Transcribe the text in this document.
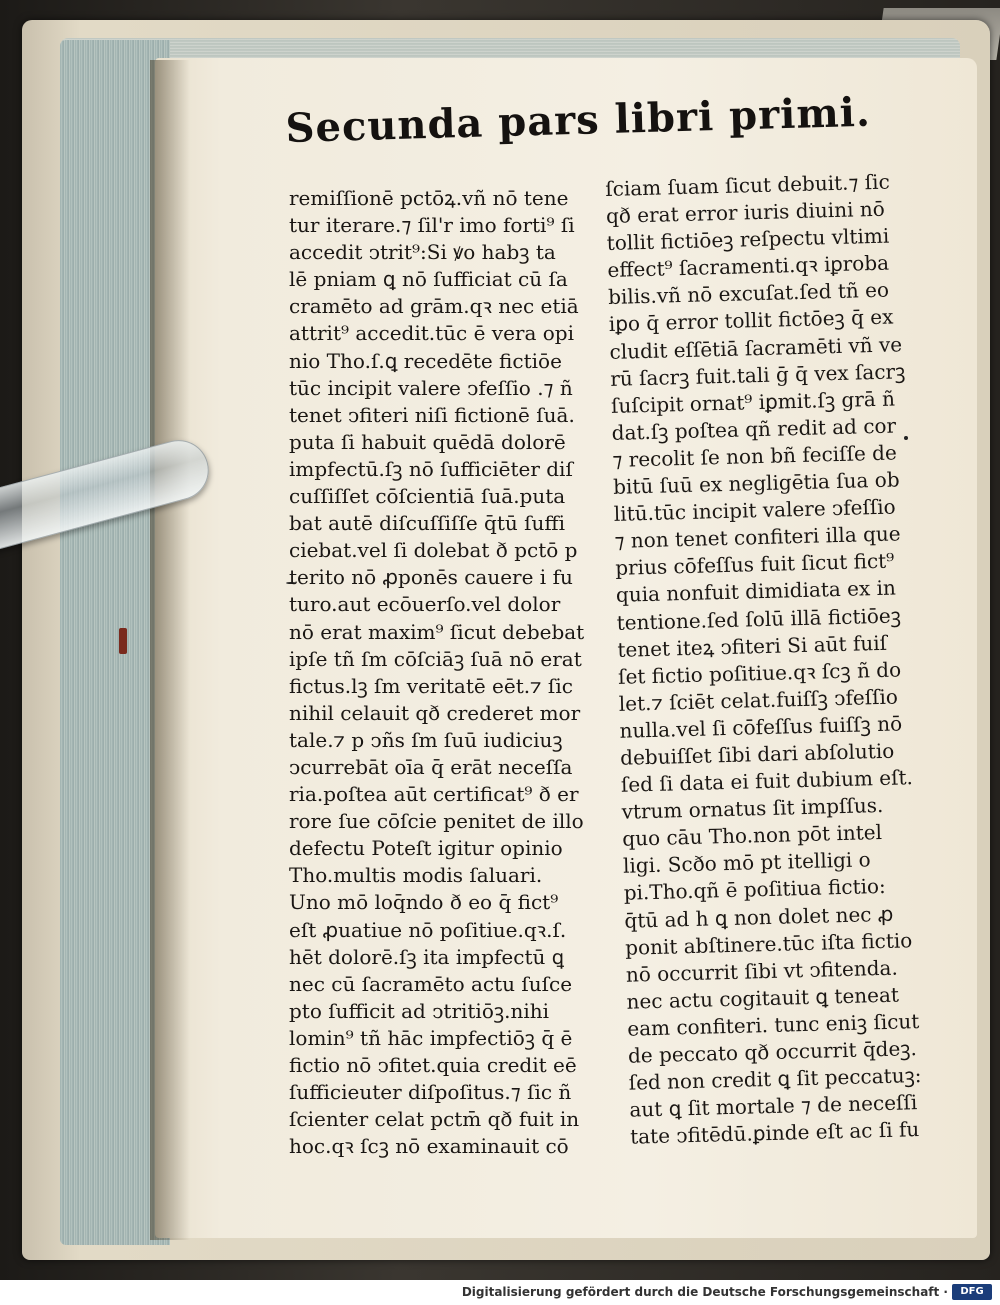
Secunda pars libri primi.
remiſſionē pctōꝝ.vñ nō tene
tur iterare.⁊ ſil'r imo forti⁹ ſi
accedit ↄtrit⁹:Si ꝟo habꝫ ta
lē pniam ꝗ nō ſufficiat cū ſa
cramēto ad grām.qꝛ nec etiā
attrit⁹ accedit.tūc ē vera opi
nio Tho.ſ.ꝗ recedēte fictiōe
tūc incipit valere ↄfeſſio .⁊ ñ
tenet ↄfiteri niſi fictionē ſuā.
puta ſi habuit quēdā dolorē
impfectū.ſꝫ nō ſufficiēter diſ
cuſſiſſet cōſcientiā ſuā.puta
bat autē diſcuſſiſſe q̄tū ſuffi
ciebat.vel ſi dolebat ð pctō p
terito nō ꝓponēs cauere i fu
turo.aut ecōuerſo.vel dolor
nō erat maxim⁹ ſicut debebat
ipſe tñ ſm cōſciāꝫ ſuā nō erat
fictus.lꝫ ſm veritatē eēt.⁊ ſic
nihil celauit qð crederet mor
tale.⁊ p ↄñs ſm ſuū iudiciuꝫ
ↄcurrebāt oīa q̄ erāt neceſſa
ria.poſtea aūt certificat⁹ ð er
rore ſue cōſcie penitet de illo
defectu Poteſt igitur opinio
Tho.multis modis ſaluari.
Uno mō loq̄ndo ð eo q̄ fict⁹
eſt ꝓuatiue nō poſitiue.qꝛ.ſ.
hēt dolorē.ſꝫ ita impfectū ꝗ
nec cū ſacramēto actu ſuſce
pto ſufficit ad ↄtritiōꝫ.nihi
lomin⁹ tñ hāc impfectiōꝫ q̄ ē
fictio nō ↄfitet.quia credit eē
ſufficieuter diſpoſitus.⁊ ſic ñ
ſcienter celat pctm̄ qð fuit in
hoc.qꝛ ſcꝫ nō examinauit cō
ſciam ſuam ſicut debuit.⁊ ſic
qð erat error iuris diuini nō
tollit fictiōeꝫ reſpectu vltimi
effect⁹ ſacramenti.qꝛ iꝑroba
bilis.vñ nō excuſat.ſed tñ eo
iꝑo q̄ error tollit fictōeꝫ q̄ ex
cludit eſſētiā ſacramēti vñ ve
rū ſacrꝫ fuit.tali ḡ q̄ vex ſacrꝫ
ſuſcipit ornat⁹ iꝑmit.ſꝫ grā ñ
dat.ſꝫ poſtea qñ redit ad cor
⁊ recolit ſe non bñ feciſſe de
bitū ſuū ex negligētia ſua ob
litū.tūc incipit valere ↄfeſſio
⁊ non tenet confiteri illa que
prius cōfeſſus fuit ſicut fict⁹
quia nonfuit dimidiata ex in
tentione.ſed ſolū illā fictiōeꝫ
tenet iteꝝ ↄfiteri Si aūt fuiſ
ſet fictio poſitiue.qꝛ ſcꝫ ñ do
let.⁊ ſciēt celat.fuiſſꝫ ↄfeſſio
nulla.vel ſi cōfeſſus fuiſſꝫ nō
debuiſſet ſibi dari abſolutio
ſed ſi data ei fuit dubium eſt.
vtrum ornatus ſit impſſus.
quo cāu Tho.non pōt intel
ligi. Scðo mō pt itelligi o
pi.Tho.qñ ē poſitiua fictio:
q̄tū ad h ꝗ non dolet nec ꝓ
ponit abſtinere.tūc iſta fictio
nō occurrit ſibi vt ↄfitenda.
nec actu cogitauit ꝗ teneat
eam confiteri. tunc eniꝫ ſicut
de peccato qð occurrit q̄deꝫ.
ſed non credit ꝗ ſit peccatuꝫ:
aut ꝗ ſit mortale ⁊ de neceſſi
tate ↄfitēdū.ꝑinde eſt ac ſi fu
Digitalisierung gefördert durch die Deutsche Forschungsgemeinschaft ·	DFG
